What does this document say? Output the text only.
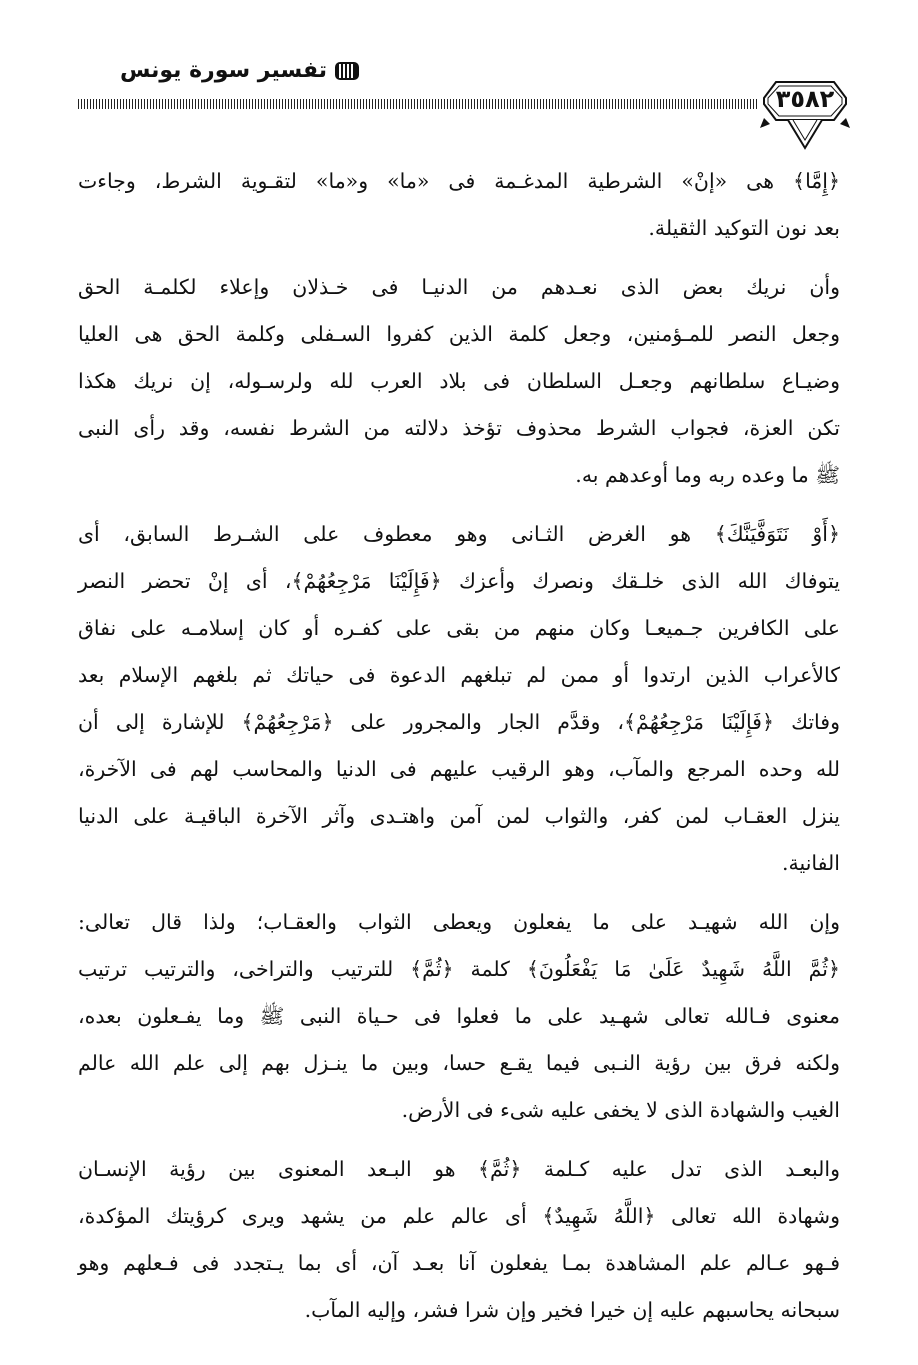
تفسير سورة يونس
٣٥٨٢

﴿إِمَّا﴾ هى «إنْ» الشرطية المدغـمة فى «ما» و«ما» لتقـوية الشرط، وجاءت
بعد نون التوكيد الثقيلة.

وأن نريك بعض الذى نعـدهم من الدنيـا فى خـذلان وإعلاء لكلمـة الحق
وجعل النصر للمـؤمنين، وجعل كلمة الذين كفروا السـفلى وكلمة الحق هى العليا
وضيـاع سلطانهم وجعـل السلطان فى بلاد العرب لله ولرسـوله، إن نريك هكذا
تكن العزة، فجواب الشرط محذوف تؤخذ دلالته من الشرط نفسه، وقد رأى النبى
ﷺ ما وعده ربه وما أوعدهم به.

﴿أَوْ نَتَوَفَّيَنَّكَ﴾ هو الغرض الثـانى وهو معطوف على الشـرط السابق، أى
يتوفاك الله الذى خلـقك ونصرك وأعزك ﴿فَإِلَيْنَا مَرْجِعُهُمْ﴾، أى إنْ تحضر النصر
على الكافرين جـميعـا وكان منهم من بقى على كفـره أو كان إسلامـه على نفاق
كالأعراب الذين ارتدوا أو ممن لم تبلغهم الدعوة فى حياتك ثم بلغهم الإسلام بعد
وفاتك ﴿فَإِلَيْنَا مَرْجِعُهُمْ﴾، وقدَّم الجار والمجرور على ﴿مَرْجِعُهُمْ﴾ للإشارة إلى أن
لله وحده المرجع والمآب، وهو الرقيب عليهم فى الدنيا والمحاسب لهم فى الآخرة،
ينزل العقـاب لمن كفر، والثواب لمن آمن واهتـدى وآثر الآخرة الباقيـة على الدنيا
الفانية.

وإن الله شهيـد على ما يفعلون ويعطى الثواب والعقـاب؛ ولذا قال تعالى:
﴿ثُمَّ اللَّهُ شَهِيدٌ عَلَىٰ مَا يَفْعَلُونَ﴾ كلمة ﴿ثُمَّ﴾ للترتيب والتراخى، والترتيب ترتيب
معنوى فـالله تعالى شهـيد على ما فعلوا فى حـياة النبى ﷺ وما يفـعلون بعده،
ولكنه فرق بين رؤية النـبى فيما يقـع حسا، وبين ما ينـزل بهم إلى علم الله عالم
الغيب والشهادة الذى لا يخفى عليه شىء فى الأرض.

والبعـد الذى تدل عليه كـلمة ﴿ثُمَّ﴾ هو البـعد المعنوى بين رؤية الإنسـان
وشهادة الله تعالى ﴿اللَّهُ شَهِيدٌ﴾ أى عالم علم من يشهد ويرى كرؤيتك المؤكدة،
فـهو عـالم علم المشاهدة بمـا يفعلون آنا بعـد آن، أى بما يـتجدد فى فـعلهم وهو
سبحانه يحاسبهم عليه إن خيرا فخير وإن شرا فشر، وإليه المآب.
